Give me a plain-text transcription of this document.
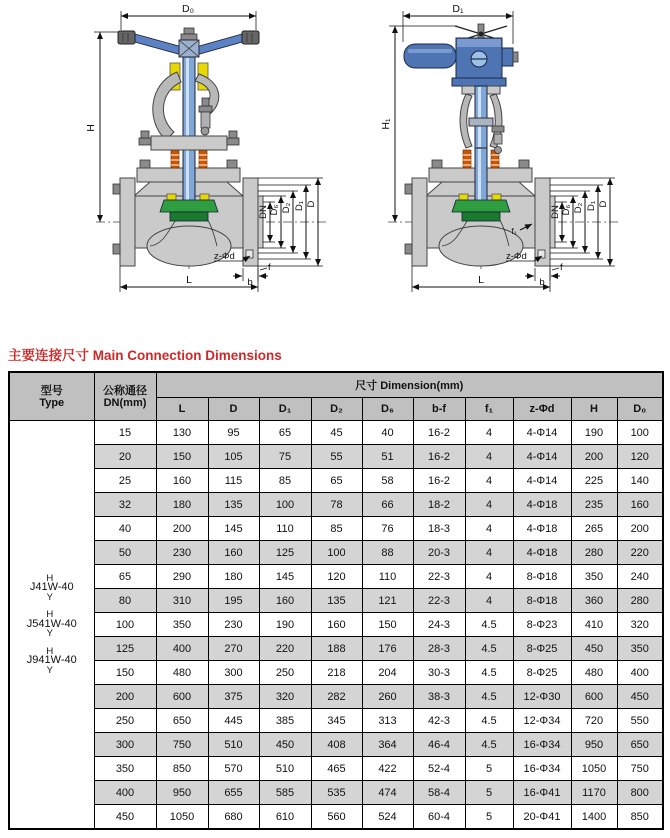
D₀
H
D₁
H₁
f₁
主要连接尺寸 Main Connection Dimensions
型号
Type

公称通径
DN(mm)
	尺寸 Dimension(mm)
		L	D	D₁	D₂	D₆	b-f	f₁	z-Φd	H	D₀

H
J41W-40
Y
H
J541W-40
Y
H
J941W-40
Y
	15	130	95	65	45	40	16-2	4	4-Φ14	190	100
	20	150	105	75	55	51	16-2	4	4-Φ14	200	120
	25	160	115	85	65	58	16-2	4	4-Φ14	225	140
	32	180	135	100	78	66	18-2	4	4-Φ18	235	160
	40	200	145	110	85	76	18-3	4	4-Φ18	265	200
	50	230	160	125	100	88	20-3	4	4-Φ18	280	220
	65	290	180	145	120	110	22-3	4	8-Φ18	350	240
	80	310	195	160	135	121	22-3	4	8-Φ18	360	280
	100	350	230	190	160	150	24-3	4.5	8-Φ23	410	320
	125	400	270	220	188	176	28-3	4.5	8-Φ25	450	350
	150	480	300	250	218	204	30-3	4.5	8-Φ25	480	400
	200	600	375	320	282	260	38-3	4.5	12-Φ30	600	450
	250	650	445	385	345	313	42-3	4.5	12-Φ34	720	550
	300	750	510	450	408	364	46-4	4.5	16-Φ34	950	650
	350	850	570	510	465	422	52-4	5	16-Φ34	1050	750
	400	950	655	585	535	474	58-4	5	16-Φ41	1170	800
	450	1050	680	610	560	524	60-4	5	20-Φ41	1400	850
